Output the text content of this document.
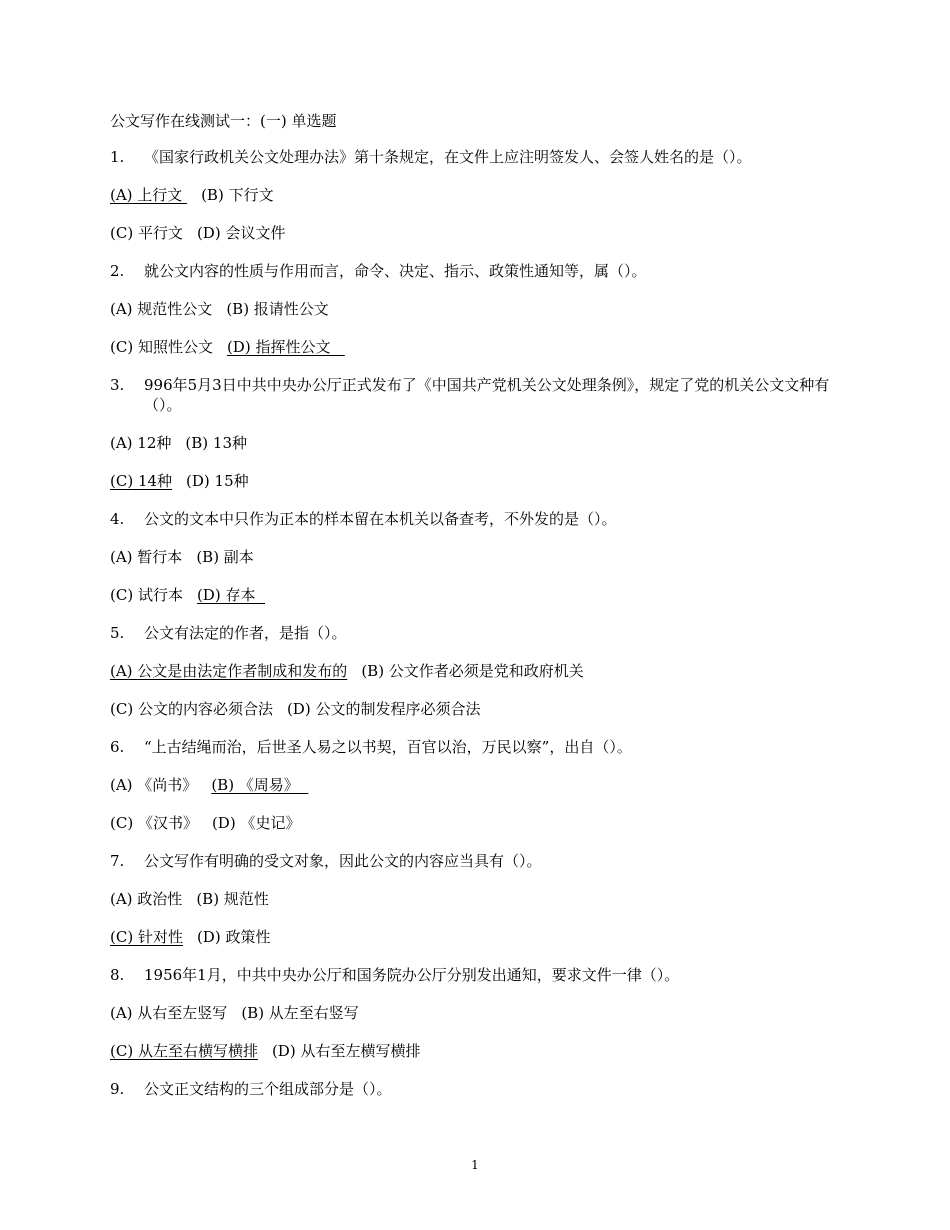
公文写作在线测试一：(一) 单选题
1.	《国家行政机关公文处理办法》第十条规定，在文件上应注明签发人、会签人姓名的是（）。
(A) 上行文 (B) 下行文
(C) 平行文 (D) 会议文件
2.	就公文内容的性质与作用而言，命令、决定、指示、政策性通知等，属（）。
(A) 规范性公文 (B) 报请性公文
(C) 知照性公文 (D) 指挥性公文
3.	996年5月3日中共中央办公厅正式发布了《中国共产党机关公文处理条例》，规定了党的机关公文文种有（）。
(A) 12种 (B) 13种
(C) 14种 (D) 15种
4.	公文的文本中只作为正本的样本留在本机关以备查考，不外发的是（）。
(A) 暂行本 (B) 副本
(C) 试行本 (D) 存本
5.	公文有法定的作者，是指（）。
(A) 公文是由法定作者制成和发布的 (B) 公文作者必须是党和政府机关
(C) 公文的内容必须合法 (D) 公文的制发程序必须合法
6.	“上古结绳而治，后世圣人易之以书契，百官以治，万民以察”，出自（）。
(A) 《尚书》 (B) 《周易》
(C) 《汉书》 (D) 《史记》
7.	公文写作有明确的受文对象，因此公文的内容应当具有（）。
(A) 政治性 (B) 规范性
(C) 针对性 (D) 政策性
8.	1956年1月，中共中央办公厅和国务院办公厅分别发出通知，要求文件一律（）。
(A) 从右至左竖写 (B) 从左至右竖写
(C) 从左至右横写横排 (D) 从右至左横写横排
9.	公文正文结构的三个组成部分是（）。
1
